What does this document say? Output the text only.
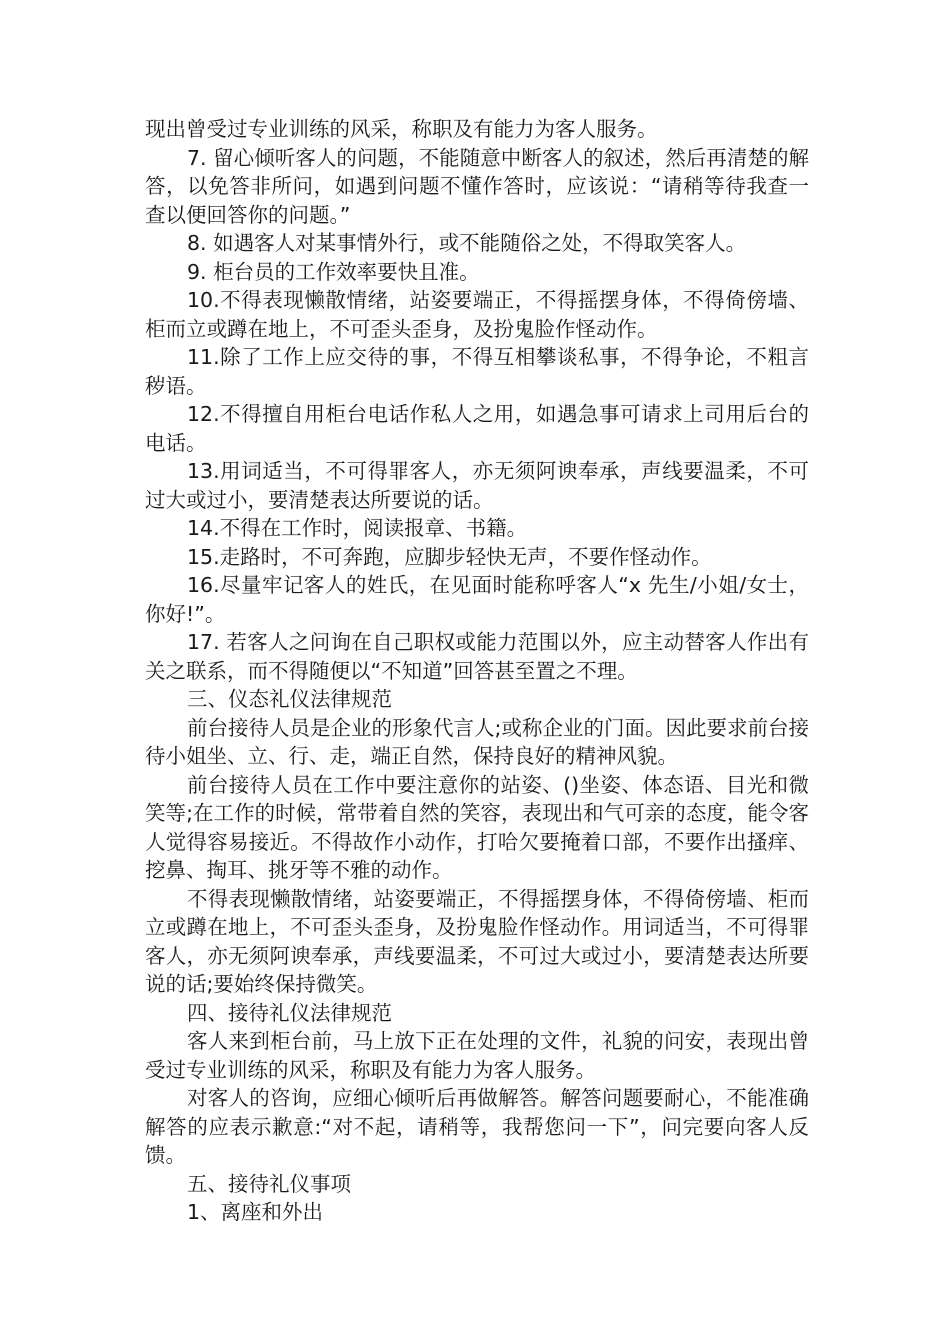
现出曾受过专业训练的风采，称职及有能力为客人服务。

7. 留心倾听客人的问题，不能随意中断客人的叙述，然后再清楚的解答，以免答非所问，如遇到问题不懂作答时，应该说：“请稍等待我查一查以便回答你的问题。”

8. 如遇客人对某事情外行，或不能随俗之处，不得取笑客人。

9. 柜台员的工作效率要快且准。

10.不得表现懒散情绪，站姿要端正，不得摇摆身体，不得倚傍墙、柜而立或蹲在地上，不可歪头歪身，及扮鬼脸作怪动作。

11.除了工作上应交待的事，不得互相攀谈私事，不得争论，不粗言秽语。

12.不得擅自用柜台电话作私人之用，如遇急事可请求上司用后台的电话。

13.用词适当，不可得罪客人，亦无须阿谀奉承，声线要温柔，不可过大或过小，要清楚表达所要说的话。

14.不得在工作时，阅读报章、书籍。

15.走路时，不可奔跑，应脚步轻快无声，不要作怪动作。

16.尽量牢记客人的姓氏，在见面时能称呼客人“x 先生/小姐/女士，你好!”。

17. 若客人之问询在自己职权或能力范围以外，应主动替客人作出有关之联系，而不得随便以“不知道”回答甚至置之不理。

三、仪态礼仪法律规范

前台接待人员是企业的形象代言人;或称企业的门面。因此要求前台接待小姐坐、立、行、走，端正自然，保持良好的精神风貌。

前台接待人员在工作中要注意你的站姿、()坐姿、体态语、目光和微笑等;在工作的时候，常带着自然的笑容，表现出和气可亲的态度，能令客人觉得容易接近。不得故作小动作，打哈欠要掩着口部，不要作出搔痒、挖鼻、掏耳、挑牙等不雅的动作。

不得表现懒散情绪，站姿要端正，不得摇摆身体，不得倚傍墙、柜而立或蹲在地上，不可歪头歪身，及扮鬼脸作怪动作。用词适当，不可得罪客人，亦无须阿谀奉承，声线要温柔，不可过大或过小，要清楚表达所要说的话;要始终保持微笑。

四、接待礼仪法律规范

客人来到柜台前，马上放下正在处理的文件，礼貌的问安，表现出曾受过专业训练的风采，称职及有能力为客人服务。

对客人的咨询，应细心倾听后再做解答。解答问题要耐心，不能准确解答的应表示歉意:“对不起，请稍等，我帮您问一下”，问完要向客人反馈。

五、接待礼仪事项

1、离座和外出
